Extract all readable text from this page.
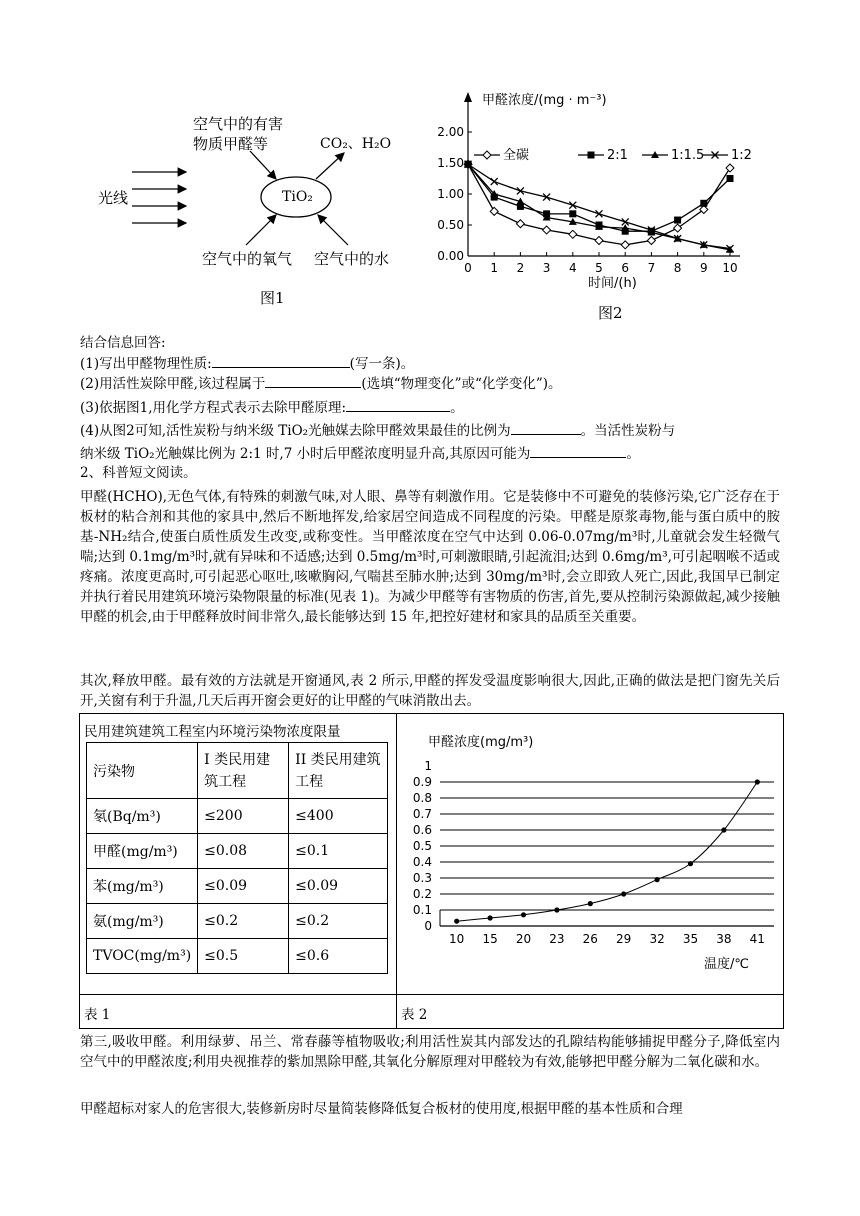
光线
空气中的有害
物质甲醛等	CO₂、H₂O
TiO₂
空气中的氧气 空气中的水
图1
甲醛浓度/(mg · m⁻³)
时间/(h)
0.00
0.50
1.00
1.50
2.00
0 1 2 3 4 5 6 7 8 9 10
全碳	2:1	1:1.5 1:2
图2
结合信息回答:
(1)写出甲醛物理性质:	(写一条)。
(2)用活性炭除甲醛,该过程属于	(选填“物理变化”或“化学变化”)。
(3)依据图1,用化学方程式表示去除甲醛原理:	。
(4)从图2可知,活性炭粉与纳米级 TiO₂光触媒去除甲醛效果最佳的比例为	。当活性炭粉与
纳米级 TiO₂光触媒比例为 2:1 时,7 小时后甲醛浓度明显升高,其原因可能为	。
2、科普短文阅读。
甲醛(HCHO),无色气体,有特殊的刺激气味,对人眼、鼻等有刺激作用。它是装修中不可避免的装修污染,它广泛存在于板材的粘合剂和其他的家具中,然后不断地挥发,给家居空间造成不同程度的污染。甲醛是原浆毒物,能与蛋白质中的胺基-NH₂结合,使蛋白质性质发生改变,或称变性。当甲醛浓度在空气中达到 0.06-0.07mg/m³时,儿童就会发生轻微气喘;达到 0.1mg/m³时,就有异味和不适感;达到 0.5mg/m³时,可刺激眼睛,引起流泪;达到 0.6mg/m³,可引起咽喉不适或疼痛。浓度更高时,可引起恶心呕吐,咳嗽胸闷,气喘甚至肺水肿;达到 30mg/m³时,会立即致人死亡,因此,我国早已制定并执行着民用建筑环境污染物限量的标准(见表 1)。为减少甲醛等有害物质的伤害,首先,要从控制污染源做起,减少接触甲醛的机会,由于甲醛释放时间非常久,最长能够达到 15 年,把控好建材和家具的品质至关重要。
其次,释放甲醛。最有效的方法就是开窗通风,表 2 所示,甲醛的挥发受温度影响很大,因此,正确的做法是把门窗先关后开,关窗有利于升温,几天后再开窗会更好的让甲醛的气味消散出去。
民用建筑建筑工程室内环境污染物浓度限量
污染物	I 类民用建筑工程	II 类民用建筑工程
氡(Bq/m³)	≤200	≤400
甲醛(mg/m³)	≤0.08	≤0.1
苯(mg/m³)	≤0.09	≤0.09
氨(mg/m³)	≤0.2	≤0.2
TVOC(mg/m³)	≤0.5	≤0.6
甲醛浓度(mg/m³)
0
0.1
0.2
0.3
0.4
0.5
0.6
0.7
0.8
0.9
1
10 15 20 23 26 29 32 35 38 41
温度/℃
表 1	表 2
第三,吸收甲醛。利用绿萝、吊兰、常春藤等植物吸收;利用活性炭其内部发达的孔隙结构能够捕捉甲醛分子,降低室内空气中的甲醛浓度;利用央视推荐的紫加黑除甲醛,其氧化分解原理对甲醛较为有效,能够把甲醛分解为二氧化碳和水。
甲醛超标对家人的危害很大,装修新房时尽量简装修降低复合板材的使用度,根据甲醛的基本性质和合理
